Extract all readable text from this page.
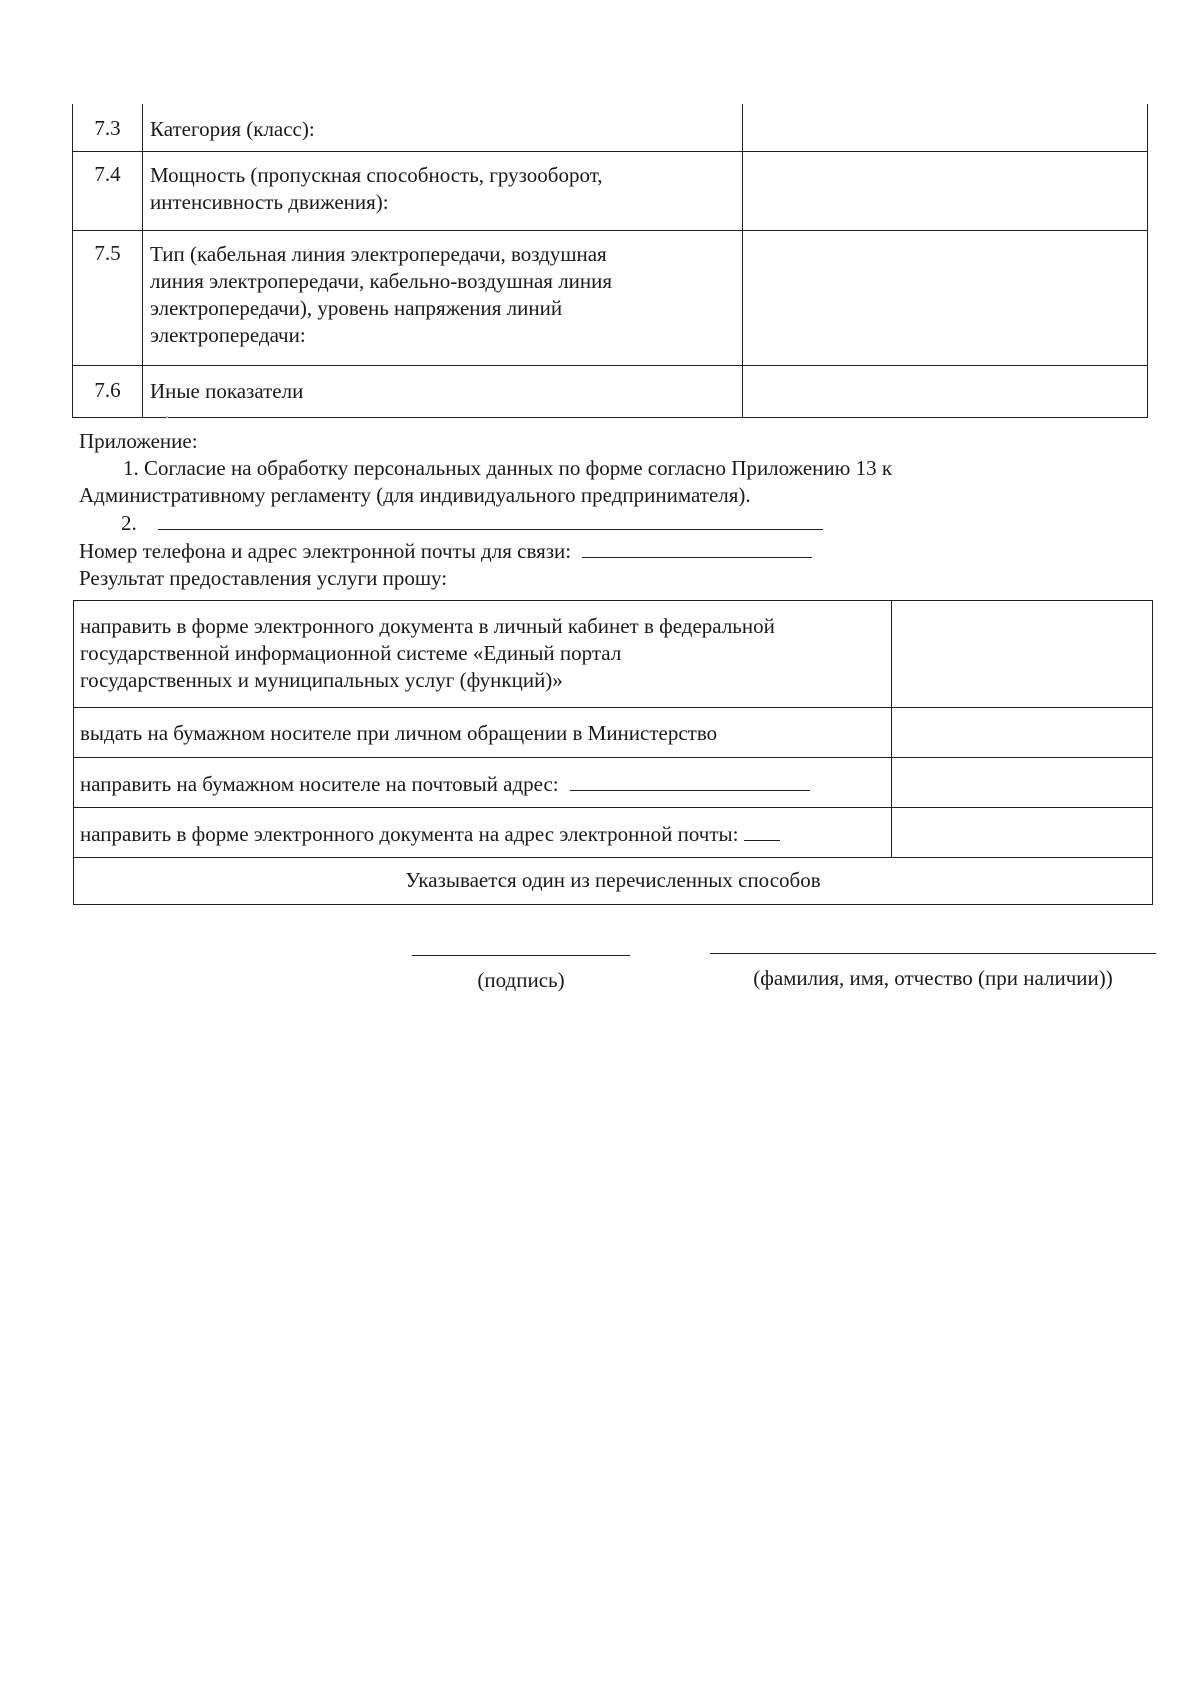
7.3	Категория (класс):
7.4	Мощность (пропускная способность, грузооборот,
интенсивность движения):
7.5	Тип (кабельная линия электропередачи, воздушная
линия электропередачи, кабельно-воздушная линия
электропередачи), уровень напряжения линий
электропередачи:
7.6	Иные показатели
Приложение:
1. Согласие на обработку персональных данных по форме согласно Приложению 13 к
Административному регламенту (для индивидуального предпринимателя).
2.
Номер телефона и адрес электронной почты для связи:
Результат предоставления услуги прошу:
направить в форме электронного документа в личный кабинет в федеральной
государственной информационной системе «Единый портал
государственных и муниципальных услуг (функций)»
выдать на бумажном носителе при личном обращении в Министерство
направить на бумажном носителе на почтовый адрес:
направить в форме электронного документа на адрес электронной почты:
Указывается один из перечисленных способов
(подпись)	(фамилия, имя, отчество (при наличии))
